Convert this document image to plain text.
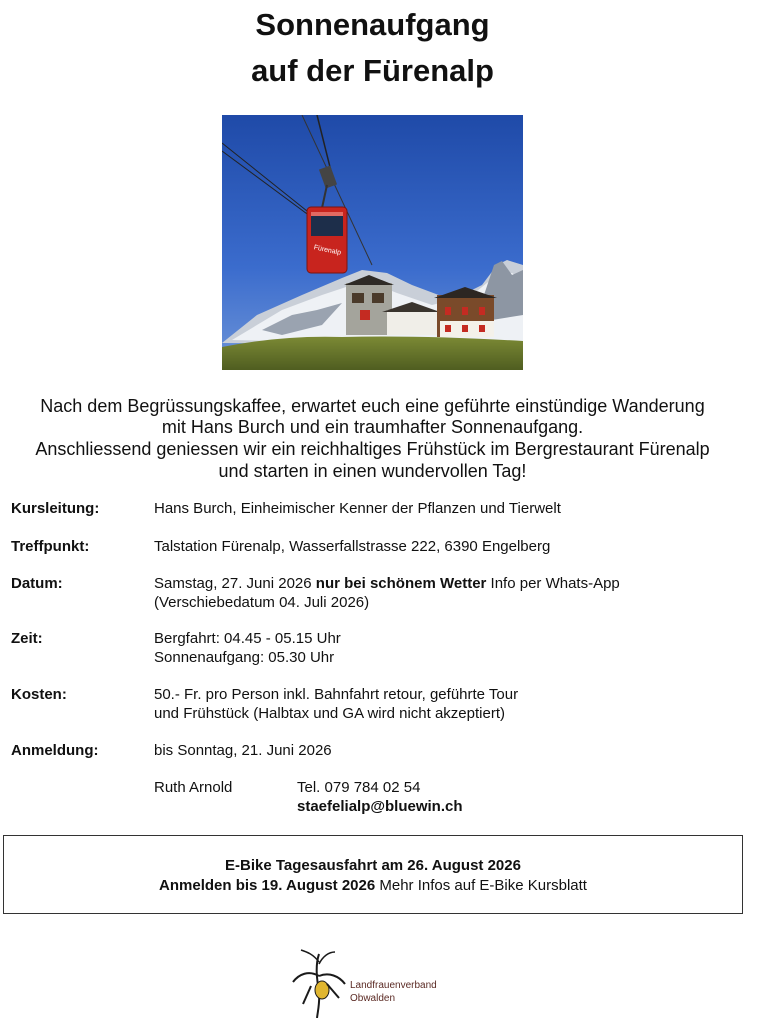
Sonnenaufgang
auf der Fürenalp
Fürenalp
Nach dem Begrüssungskaffee, erwartet euch eine geführte einstündige Wanderung
mit Hans Burch und ein traumhafter Sonnenaufgang.
Anschliessend geniessen wir ein reichhaltiges Frühstück im Bergrestaurant Fürenalp
und starten in einen wundervollen Tag!
Kursleitung:	Hans Burch, Einheimischer Kenner der Pflanzen und Tierwelt
Treffpunkt:	Talstation Fürenalp, Wasserfallstrasse 222, 6390 Engelberg
Datum:	Samstag, 27. Juni 2026 nur bei schönem Wetter Info per Whats-App
(Verschiebedatum 04. Juli 2026)
Zeit:	Bergfahrt: 04.45 - 05.15 Uhr
Sonnenaufgang: 05.30 Uhr
Kosten:	50.- Fr. pro Person inkl. Bahnfahrt retour, geführte Tour
und Frühstück (Halbtax und GA wird nicht akzeptiert)
Anmeldung:	bis Sonntag, 21. Juni 2026
Ruth Arnold	Tel. 079 784 02 54
staefelialp@bluewin.ch
E-Bike Tagesausfahrt am 26. August 2026
Anmelden bis 19. August 2026 Mehr Infos auf E-Bike Kursblatt
Landfrauenverband
Obwalden
